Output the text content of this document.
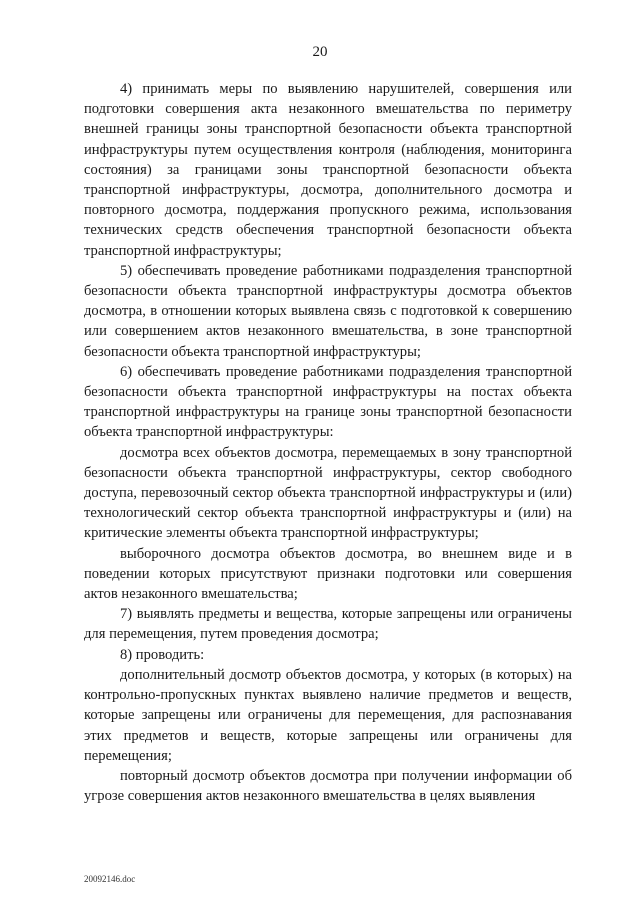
20

4) принимать меры по выявлению нарушителей, совершения или подготовки совершения акта незаконного вмешательства по периметру внешней границы зоны транспортной безопасности объекта транспортной инфраструктуры путем осуществления контроля (наблюдения, мониторинга состояния) за границами зоны транспортной безопасности объекта транспортной инфраструктуры, досмотра, дополнительного досмотра и повторного досмотра, поддержания пропускного режима, использования технических средств обеспечения транспортной безопасности объекта транспортной инфраструктуры;

5) обеспечивать проведение работниками подразделения транспортной безопасности объекта транспортной инфраструктуры досмотра объектов досмотра, в отношении которых выявлена связь с подготовкой к совершению или совершением актов незаконного вмешательства, в зоне транспортной безопасности объекта транспортной инфраструктуры;

6) обеспечивать проведение работниками подразделения транспортной безопасности объекта транспортной инфраструктуры на постах объекта транспортной инфраструктуры на границе зоны транспортной безопасности объекта транспортной инфраструктуры:

досмотра всех объектов досмотра, перемещаемых в зону транспортной безопасности объекта транспортной инфраструктуры, сектор свободного доступа, перевозочный сектор объекта транспортной инфраструктуры и (или) технологический сектор объекта транспортной инфраструктуры и (или) на критические элементы объекта транспортной инфраструктуры;

выборочного досмотра объектов досмотра, во внешнем виде и в поведении которых присутствуют признаки подготовки или совершения актов незаконного вмешательства;

7) выявлять предметы и вещества, которые запрещены или ограничены для перемещения, путем проведения досмотра;

8) проводить:

дополнительный досмотр объектов досмотра, у которых (в которых) на контрольно-пропускных пунктах выявлено наличие предметов и веществ, которые запрещены или ограничены для перемещения, для распознавания этих предметов и веществ, которые запрещены или ограничены для перемещения;

повторный досмотр объектов досмотра при получении информации об угрозе совершения актов незаконного вмешательства в целях выявления

20092146.doc
